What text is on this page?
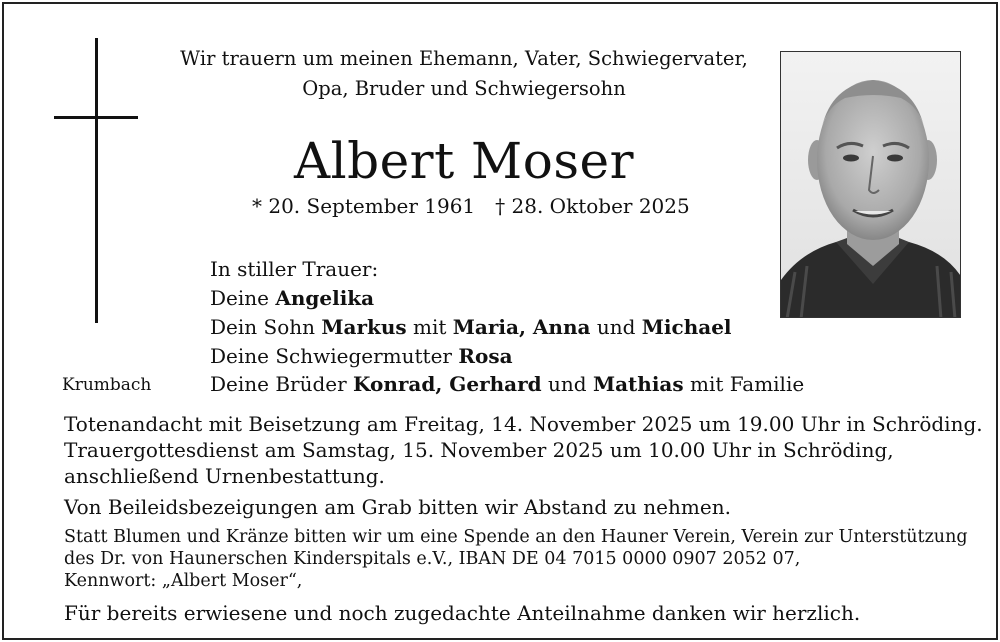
Wir trauern um meinen Ehemann, Vater, Schwiegervater,
Opa, Bruder und Schwiegersohn
Albert Moser
* 20. September 1961 † 28. Oktober 2025
In stiller Trauer:
Deine Angelika
Dein Sohn Markus mit Maria, Anna und Michael
Deine Schwiegermutter Rosa
Deine Brüder Konrad, Gerhard und Mathias mit Familie
Krumbach
Totenandacht mit Beisetzung am Freitag, 14. November 2025 um 19.00 Uhr in Schröding.
Trauergottesdienst am Samstag, 15. November 2025 um 10.00 Uhr in Schröding,
anschließend Urnenbestattung.
Von Beileidsbezeigungen am Grab bitten wir Abstand zu nehmen.
Statt Blumen und Kränze bitten wir um eine Spende an den Hauner Verein, Verein zur Unterstützung
des Dr. von Haunerschen Kinderspitals e.V., IBAN DE 04 7015 0000 0907 2052 07,
Kennwort: „Albert Moser“,
Für bereits erwiesene und noch zugedachte Anteilnahme danken wir herzlich.
